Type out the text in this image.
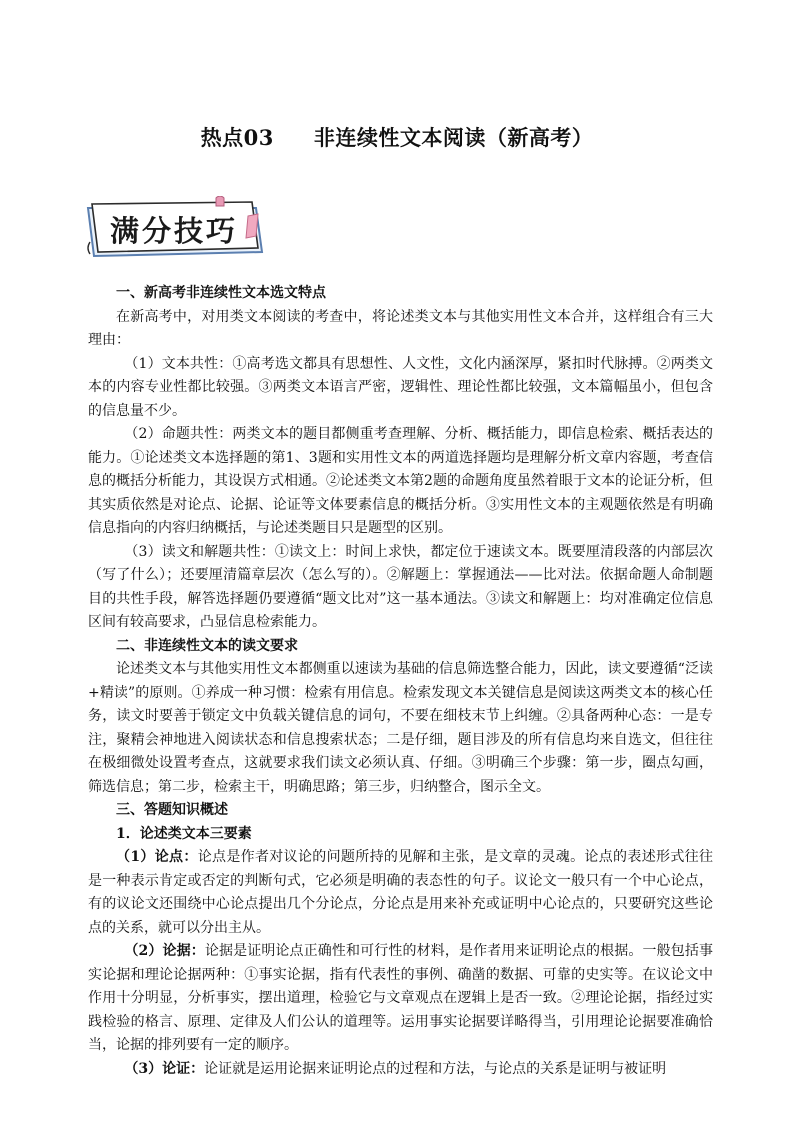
热点03 非连续性文本阅读（新高考）
满分技巧

一、新高考非连续性文本选文特点

在新高考中，对用类文本阅读的考查中，将论述类文本与其他实用性文本合并，这样组合有三大理由：

（1）文本共性：①高考选文都具有思想性、人文性，文化内涵深厚，紧扣时代脉搏。②两类文本的内容专业性都比较强。③两类文本语言严密，逻辑性、理论性都比较强，文本篇幅虽小，但包含的信息量不少。

（2）命题共性：两类文本的题目都侧重考查理解、分析、概括能力，即信息检索、概括表达的能力。①论述类文本选择题的第1、3题和实用性文本的两道选择题均是理解分析文章内容题，考查信息的概括分析能力，其设误方式相通。②论述类文本第2题的命题角度虽然着眼于文本的论证分析，但其实质依然是对论点、论据、论证等文体要素信息的概括分析。③实用性文本的主观题依然是有明确信息指向的内容归纳概括，与论述类题目只是题型的区别。

（3）读文和解题共性：①读文上：时间上求快，都定位于速读文本。既要厘清段落的内部层次（写了什么）；还要厘清篇章层次（怎么写的）。②解题上：掌握通法——比对法。依据命题人命制题目的共性手段，解答选择题仍要遵循“题文比对”这一基本通法。③读文和解题上：均对准确定位信息区间有较高要求，凸显信息检索能力。

二、非连续性文本的读文要求

论述类文本与其他实用性文本都侧重以速读为基础的信息筛选整合能力，因此，读文要遵循“泛读+精读”的原则。①养成一种习惯：检索有用信息。检索发现文本关键信息是阅读这两类文本的核心任务，读文时要善于锁定文中负载关键信息的词句，不要在细枝末节上纠缠。②具备两种心态：一是专注，聚精会神地进入阅读状态和信息搜索状态；二是仔细，题目涉及的所有信息均来自选文，但往往在极细微处设置考查点，这就要求我们读文必须认真、仔细。③明确三个步骤：第一步，圈点勾画，筛选信息；第二步，检索主干，明确思路；第三步，归纳整合，图示全文。

三、答题知识概述

1．论述类文本三要素

（1）论点：论点是作者对议论的问题所持的见解和主张，是文章的灵魂。论点的表述形式往往是一种表示肯定或否定的判断句式，它必须是明确的表态性的句子。议论文一般只有一个中心论点，有的议论文还围绕中心论点提出几个分论点，分论点是用来补充或证明中心论点的，只要研究这些论点的关系，就可以分出主从。

（2）论据：论据是证明论点正确性和可行性的材料，是作者用来证明论点的根据。一般包括事实论据和理论论据两种：①事实论据，指有代表性的事例、确凿的数据、可靠的史实等。在议论文中作用十分明显，分析事实，摆出道理，检验它与文章观点在逻辑上是否一致。②理论论据，指经过实践检验的格言、原理、定律及人们公认的道理等。运用事实论据要详略得当，引用理论论据要准确恰当，论据的排列要有一定的顺序。

（3）论证：论证就是运用论据来证明论点的过程和方法，与论点的关系是证明与被证明
